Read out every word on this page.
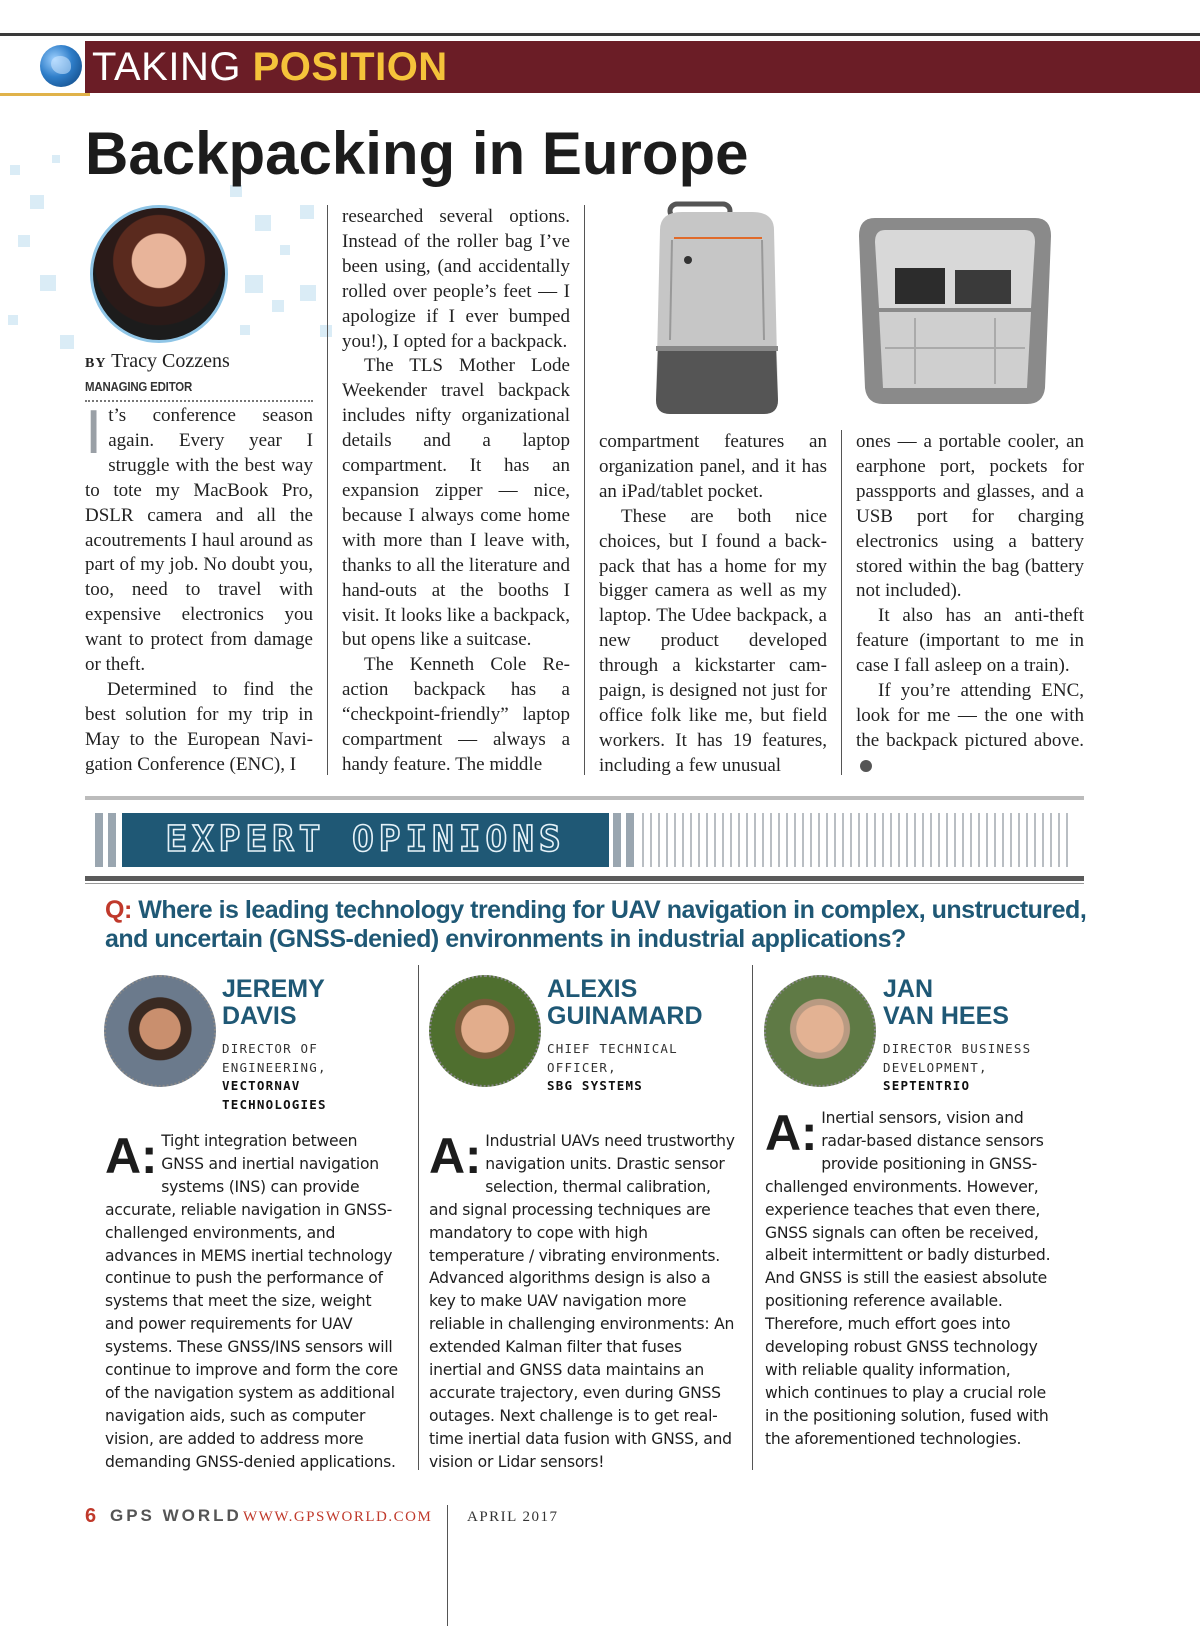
TAKING POSITION
Backpacking in Europe
BY Tracy Cozzens
MANAGING EDITOR

It’s conference season again. Every year I struggle with the best way to tote my MacBook Pro, DSLR camera and all the acoutrements I haul around as part of my job. No doubt you, too, need to travel with expensive electronics you want to protect from damage or theft.

Determined to find the best solution for my trip in May to the European Navigation Conference (ENC), I

researched several options. Instead of the roller bag I’ve been using, (and accidentally rolled over people’s feet — I apologize if I ever bumped you!), I opted for a backpack.

The TLS Mother Lode Weekender travel backpack includes nifty organizational details and a laptop compartment. It has an expansion zipper — nice, because I always come home with more than I leave with, thanks to all the literature and hand-outs at the booths I visit. It looks like a backpack, but opens like a suitcase.

The Kenneth Cole Reaction backpack has a “checkpoint-friendly” laptop compartment — always a handy feature. The middle

compartment features an organization panel, and it has an iPad/tablet pocket.

These are both nice choices, but I found a backpack that has a home for my bigger camera as well as my laptop. The Udee backpack, a new product developed through a kickstarter campaign, is designed not just for office folk like me, but field workers. It has 19 features, including a few unusual

ones — a portable cooler, an earphone port, pockets for passpports and glasses, and a USB port for charging electronics using a battery stored within the bag (battery not included).

It also has an anti-theft feature (important to me in case I fall asleep on a train).

If you’re attending ENC, look for me — the one with the backpack pictured above.

EXPERT OPINIONS
Q: Where is leading technology trending for UAV navigation in complex, unstructured, and uncertain (GNSS-denied) environments in industrial applications?
JEREMY
DAVIS
DIRECTOR OF
ENGINEERING,
VECTORNAV
TECHNOLOGIES
A: Tight integration between GNSS and inertial navigation systems (INS) can provide accurate, reliable navigation in GNSS-challenged environments, and advances in MEMS inertial technology continue to push the performance of systems that meet the size, weight and power requirements for UAV systems. These GNSS/INS sensors will continue to improve and form the core of the navigation system as additional navigation aids, such as computer vision, are added to address more demanding GNSS-denied applications.
ALEXIS
GUINAMARD
CHIEF TECHNICAL
OFFICER,
SBG SYSTEMS
A: Industrial UAVs need trustworthy navigation units. Drastic sensor selection, thermal calibration, and signal processing techniques are mandatory to cope with high temperature / vibrating environments. Advanced algorithms design is also a key to make UAV navigation more reliable in challenging environments: An extended Kalman filter that fuses inertial and GNSS data maintains an accurate trajectory, even during GNSS outages. Next challenge is to get real-time inertial data fusion with GNSS, and vision or Lidar sensors!
JAN
VAN HEES
DIRECTOR BUSINESS
DEVELOPMENT,
SEPTENTRIO
A: Inertial sensors, vision and radar-based distance sensors provide positioning in GNSS-challenged environments. However, experience teaches that even there, GNSS signals can often be received, albeit intermittent or badly disturbed. And GNSS is still the easiest absolute positioning reference available. Therefore, much effort goes into developing robust GNSS technology with reliable quality information, which continues to play a crucial role in the positioning solution, fused with the aforementioned technologies.
6 GPS WORLD WWW.GPSWORLD.COM APRIL 2017
